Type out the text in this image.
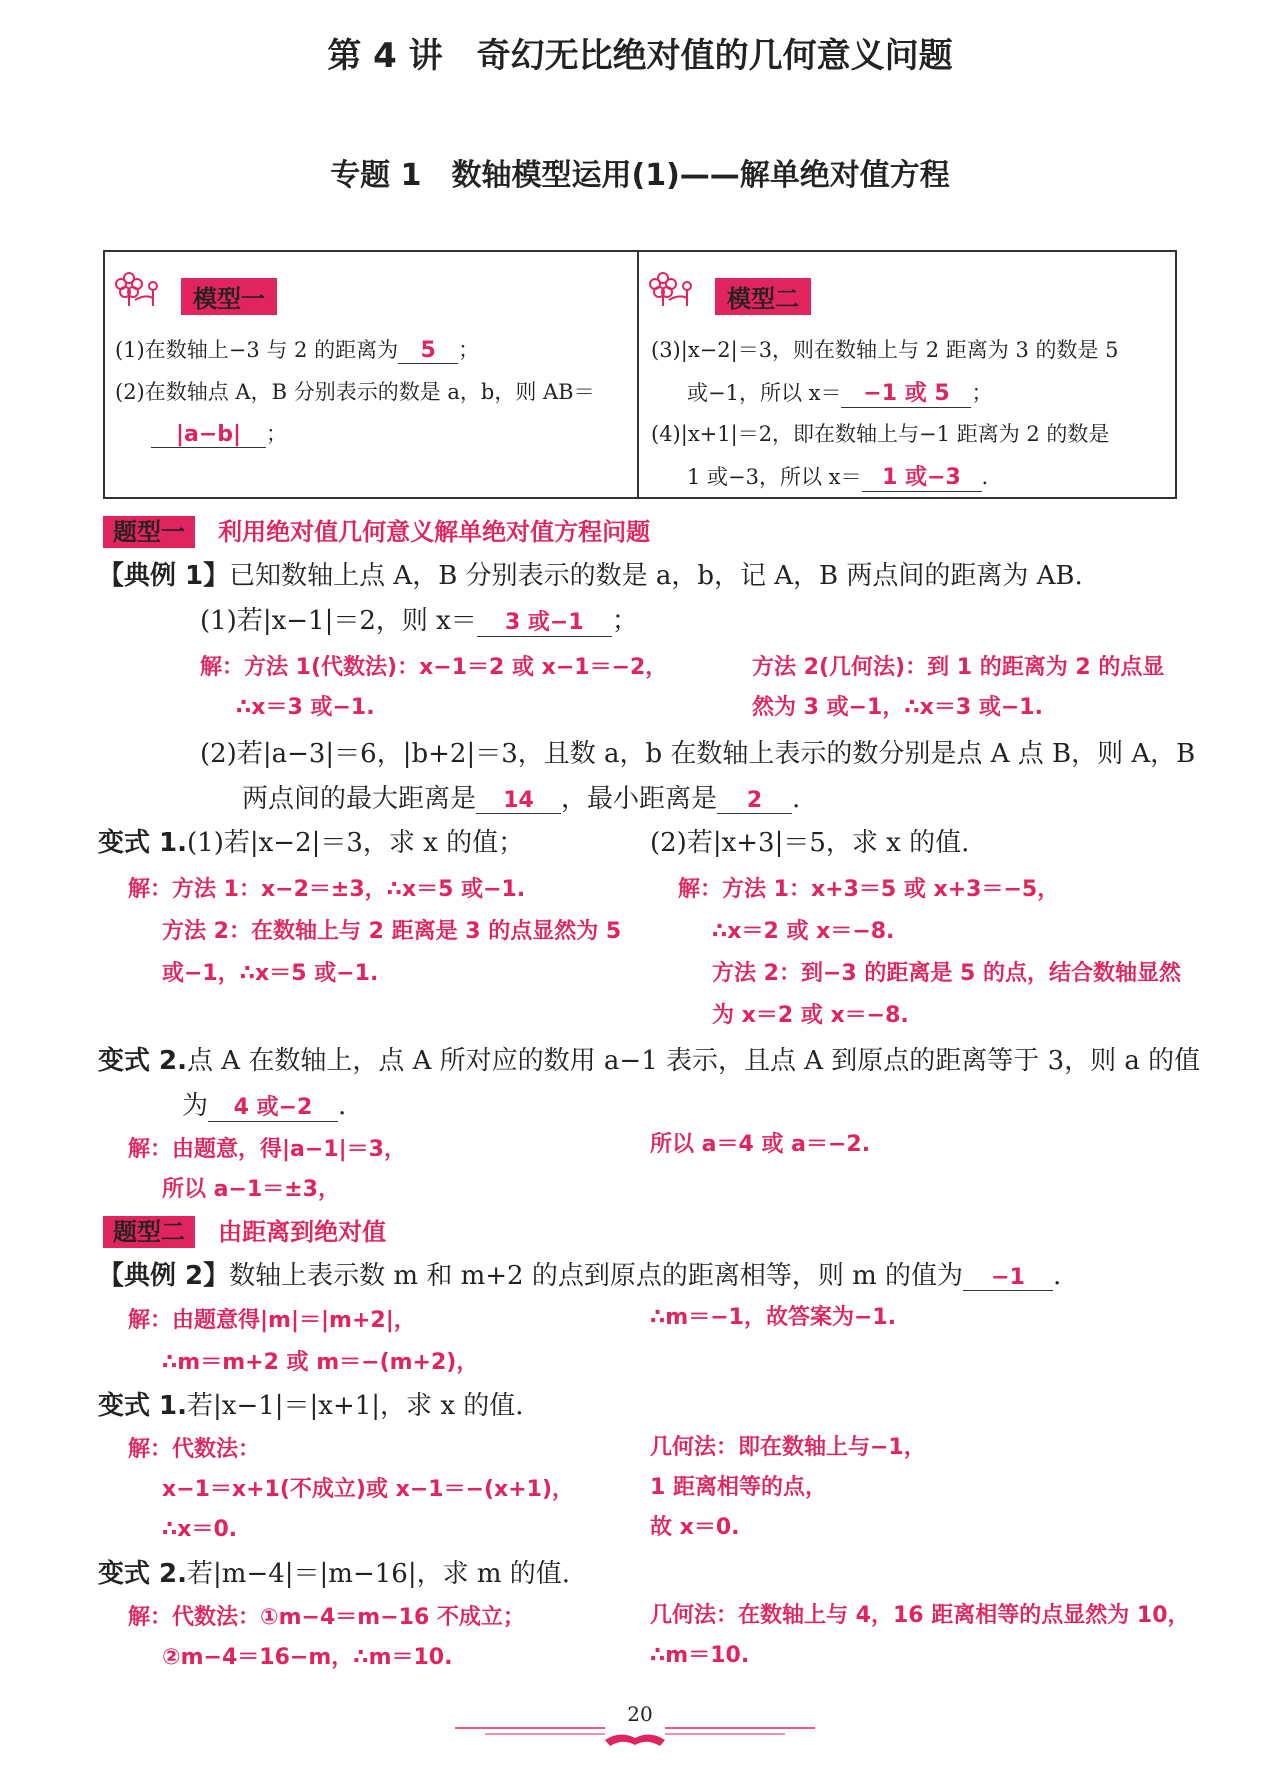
第 4 讲　奇幻无比绝对值的几何意义问题
专题 1　数轴模型运用(1)——解单绝对值方程
模型一
(1)在数轴上−3 与 2 的距离为 5 ；
(2)在数轴点 A，B 分别表示的数是 a，b，则 AB＝
|a−b| ；
模型二
(3)|x−2|＝3，则在数轴上与 2 距离为 3 的数是 5
或−1，所以 x＝ −1 或 5 ；
(4)|x+1|＝2，即在数轴上与−1 距离为 2 的数是
1 或−3，所以 x＝ 1 或−3 .
题型一 利用绝对值几何意义解单绝对值方程问题
【典例 1】已知数轴上点 A，B 分别表示的数是 a，b，记 A，B 两点间的距离为 AB.
(1)若|x−1|＝2，则 x＝ 3 或−1 ；
解：方法 1(代数法)：x−1＝2 或 x−1＝−2，
∴x＝3 或−1.
方法 2(几何法)：到 1 的距离为 2 的点显
然为 3 或−1，∴x＝3 或−1.
(2)若|a−3|＝6，|b+2|＝3，且数 a，b 在数轴上表示的数分别是点 A 点 B，则 A，B
两点间的最大距离是 14 ，最小距离是 2 .
变式 1.(1)若|x−2|＝3，求 x 的值；	(2)若|x+3|＝5，求 x 的值.
解：方法 1：x−2＝±3，∴x＝5 或−1.
方法 2：在数轴上与 2 距离是 3 的点显然为 5
或−1，∴x＝5 或−1.
解：方法 1：x+3＝5 或 x+3＝−5，
∴x＝2 或 x＝−8.
方法 2：到−3 的距离是 5 的点，结合数轴显然
为 x＝2 或 x＝−8.
变式 2.点 A 在数轴上，点 A 所对应的数用 a−1 表示，且点 A 到原点的距离等于 3，则 a 的值
为 4 或−2 .
解：由题意，得|a−1|＝3，
所以 a−1＝±3，
所以 a＝4 或 a＝−2.
题型二 由距离到绝对值
【典例 2】数轴上表示数 m 和 m+2 的点到原点的距离相等，则 m 的值为 −1 .
解：由题意得|m|＝|m+2|，
∴m＝m+2 或 m＝−(m+2)，
∴m＝−1，故答案为−1.
变式 1.若|x−1|＝|x+1|，求 x 的值.
解：代数法：
x−1＝x+1(不成立)或 x−1＝−(x+1)，
∴x＝0.
几何法：即在数轴上与−1，
1 距离相等的点，
故 x＝0.
变式 2.若|m−4|＝|m−16|，求 m 的值.
解：代数法：①m−4＝m−16 不成立；
②m−4＝16−m，∴m＝10.
几何法：在数轴上与 4，16 距离相等的点显然为 10，
∴m＝10.
20
